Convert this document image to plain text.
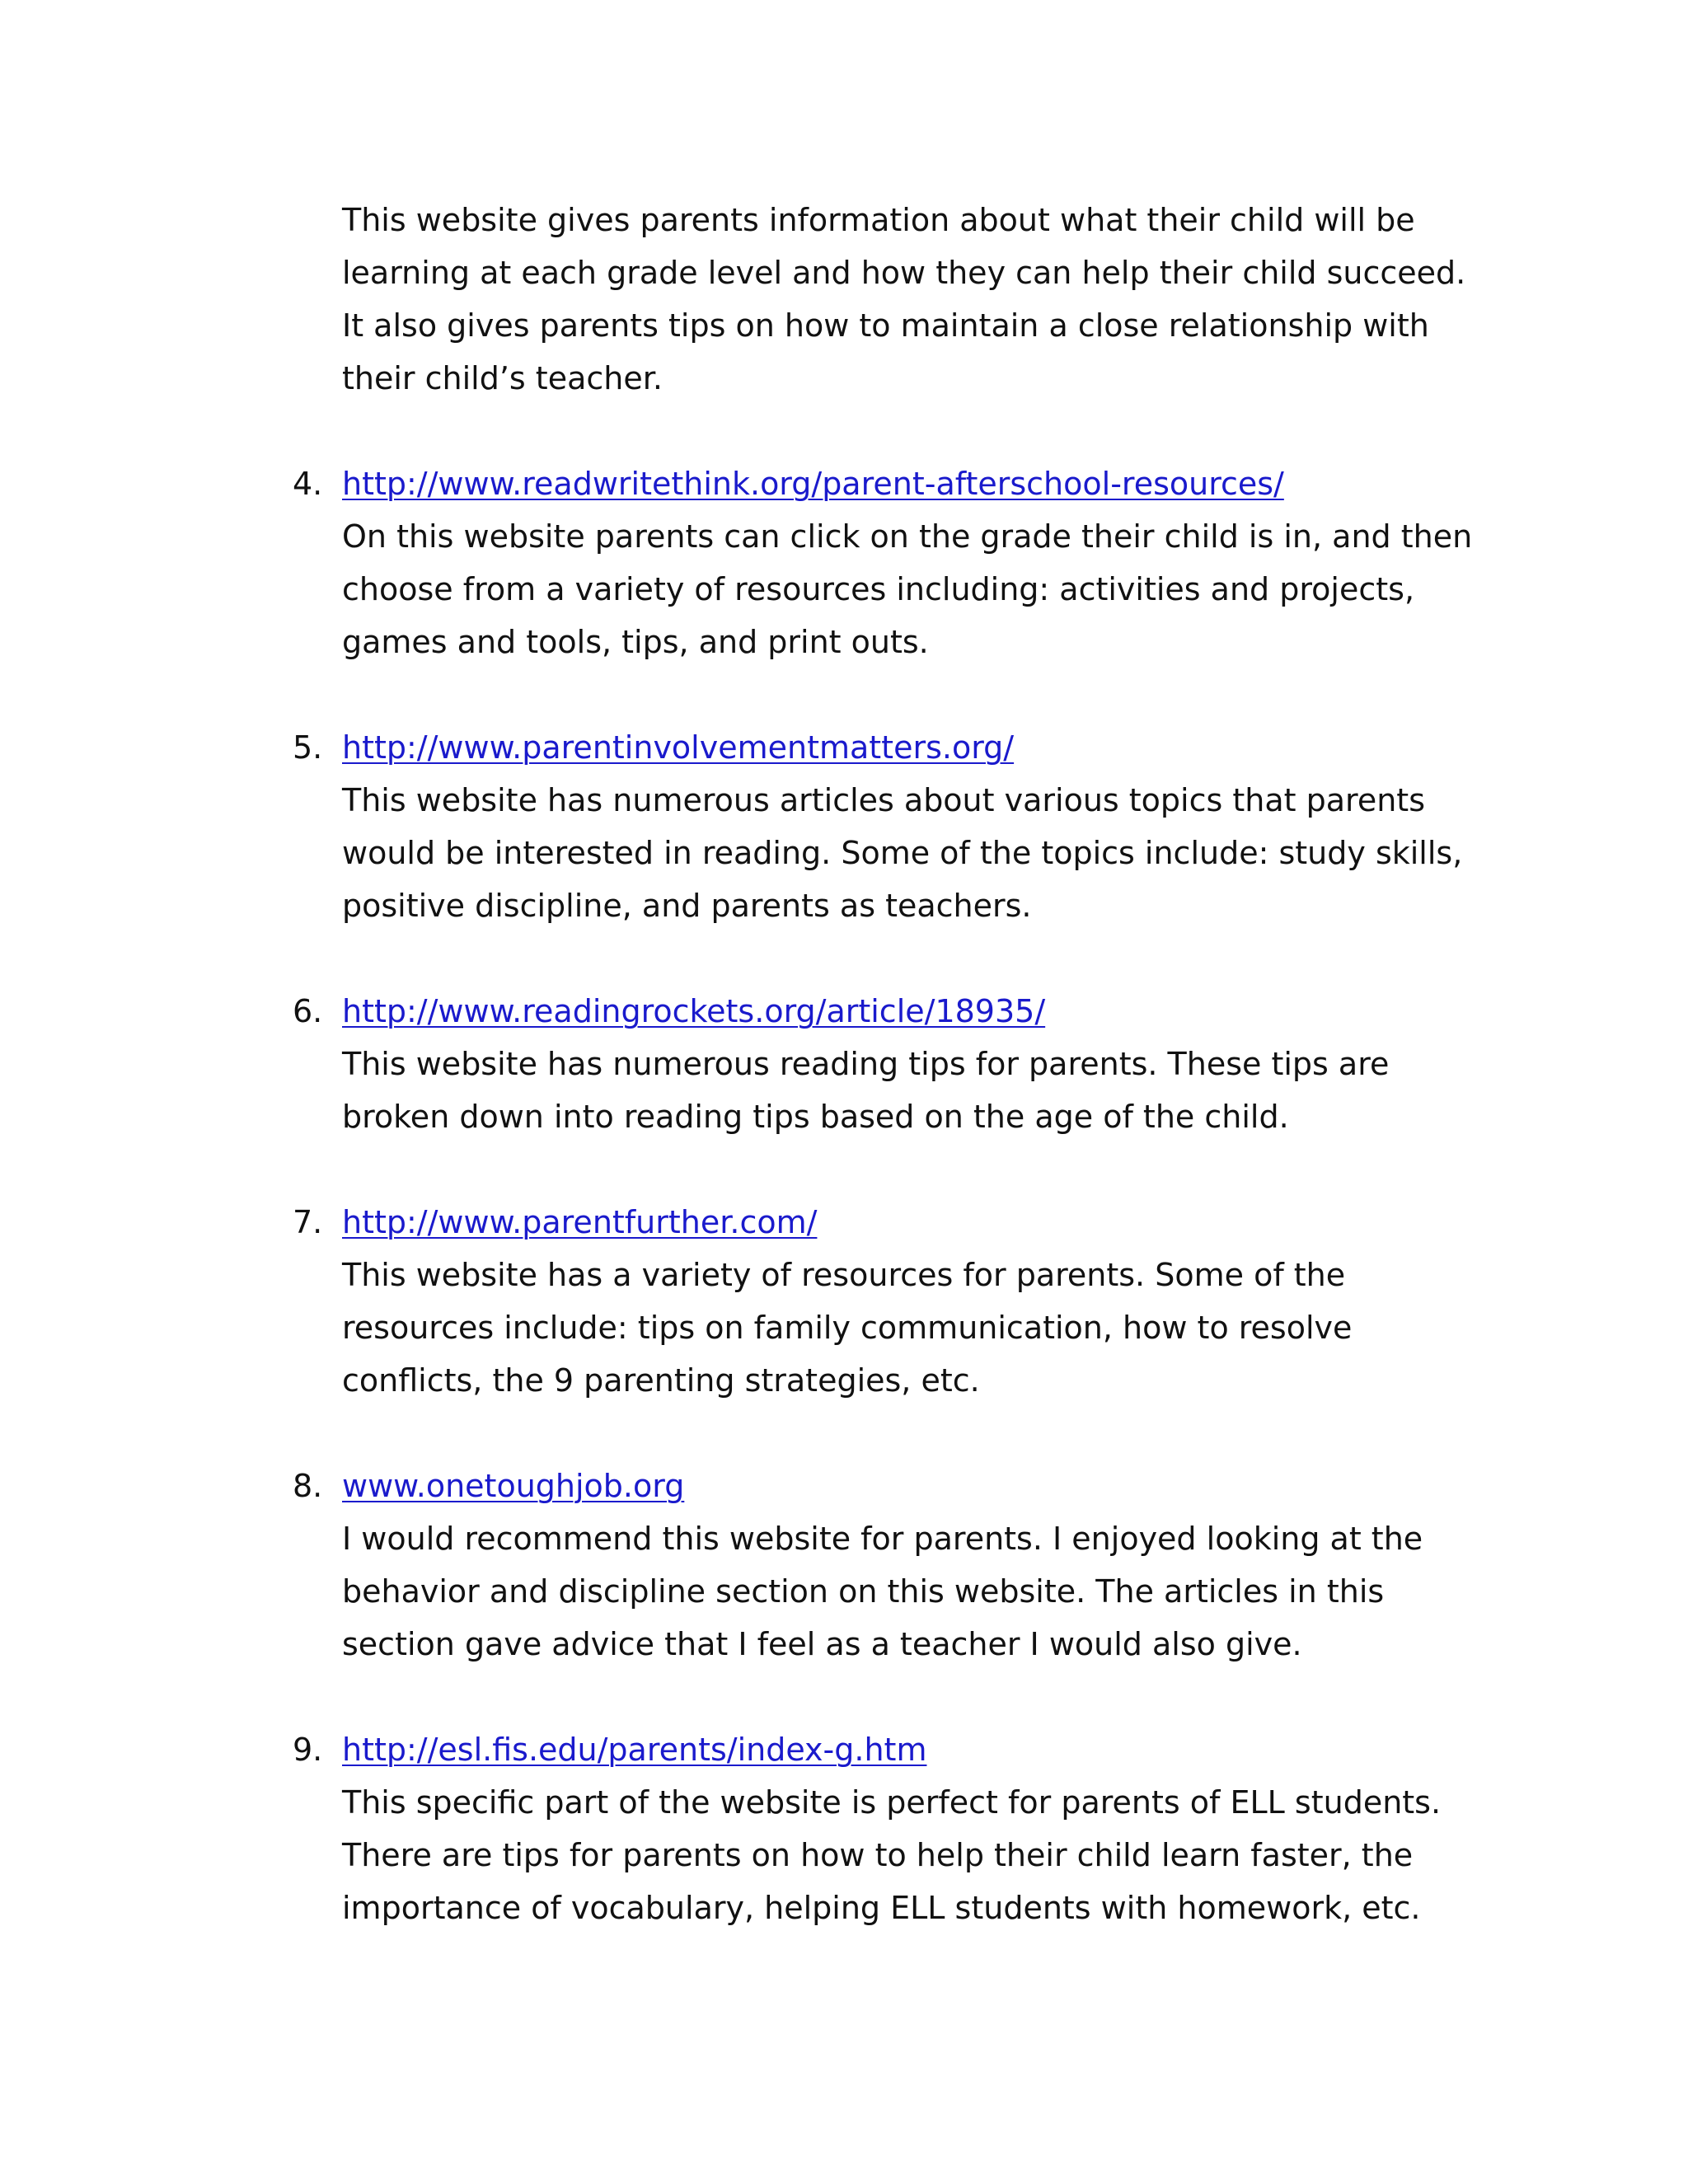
This website gives parents information about what their child will be learning at each grade level and how they can help their child succeed. It also gives parents tips on how to maintain a close relationship with their child’s teacher.

4. http://www.readwritethink.org/parent-afterschool-resources/

On this website parents can click on the grade their child is in, and then choose from a variety of resources including: activities and projects, games and tools, tips, and print outs.

5. http://www.parentinvolvementmatters.org/

This website has numerous articles about various topics that parents would be interested in reading. Some of the topics include: study skills, positive discipline, and parents as teachers.

6. http://www.readingrockets.org/article/18935/

This website has numerous reading tips for parents. These tips are broken down into reading tips based on the age of the child.

7. http://www.parentfurther.com/

This website has a variety of resources for parents. Some of the resources include: tips on family communication, how to resolve conflicts, the 9 parenting strategies, etc.

8. www.onetoughjob.org

I would recommend this website for parents. I enjoyed looking at the behavior and discipline section on this website. The articles in this section gave advice that I feel as a teacher I would also give.

9. http://esl.fis.edu/parents/index-g.htm

This specific part of the website is perfect for parents of ELL students. There are tips for parents on how to help their child learn faster, the importance of vocabulary, helping ELL students with homework, etc.
